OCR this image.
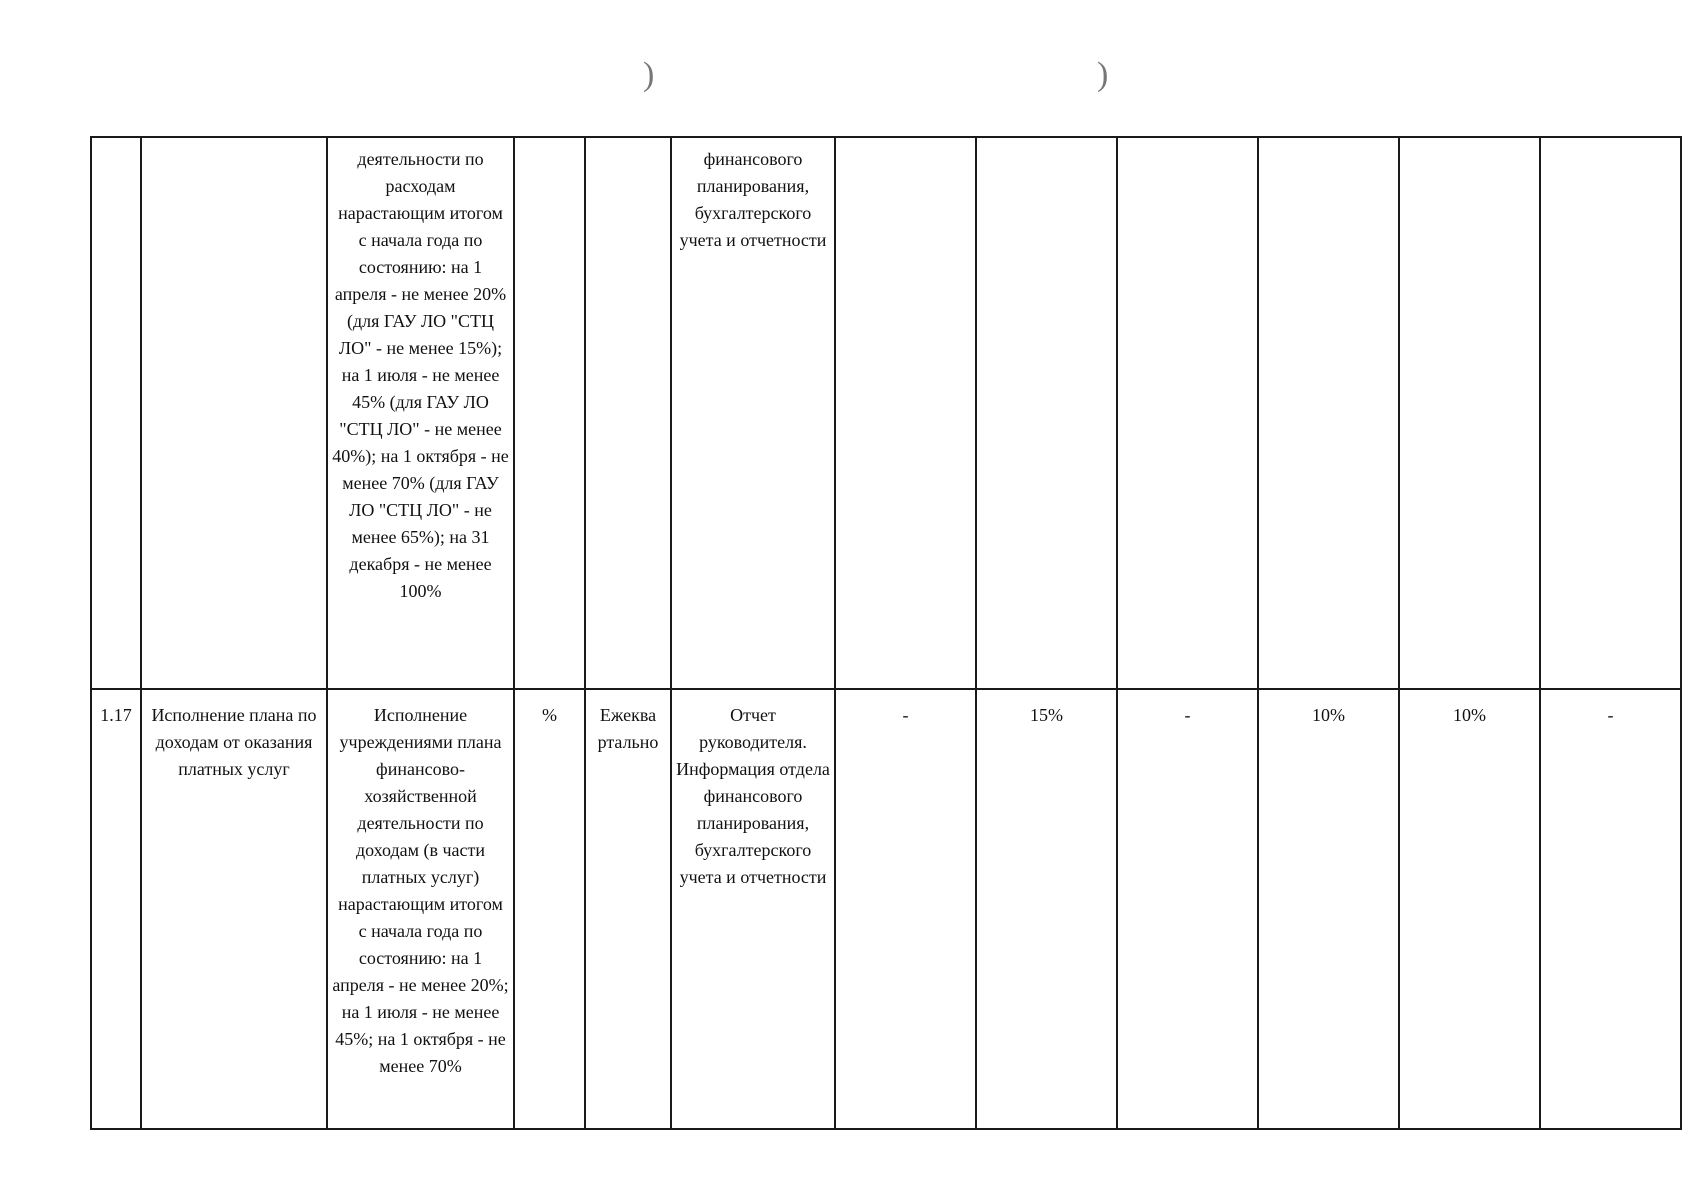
)	)
		деятельности по расходам нарастающим итогом с начала года по состоянию: на 1 апреля - не менее 20% (для ГАУ ЛО "СТЦ ЛО" - не менее 15%); на 1 июля - не менее 45% (для ГАУ ЛО "СТЦ ЛО" - не менее 40%); на 1 октября - не менее 70% (для ГАУ ЛО "СТЦ ЛО" - не менее 65%); на 31 декабря - не менее 100%			финансового планирования, бухгалтерского учета и отчетности						
1.17	Исполнение плана по доходам от оказания платных услуг	Исполнение учреждениями плана финансово-хозяйственной деятельности по доходам (в части платных услуг) нарастающим итогом с начала года по состоянию: на 1 апреля - не менее 20%; на 1 июля - не менее 45%; на 1 октября - не менее 70%	%	Ежеква ртально	Отчет руководителя. Информация отдела финансового планирования, бухгалтерского учета и отчетности	-	15%	-	10%	10%	-
